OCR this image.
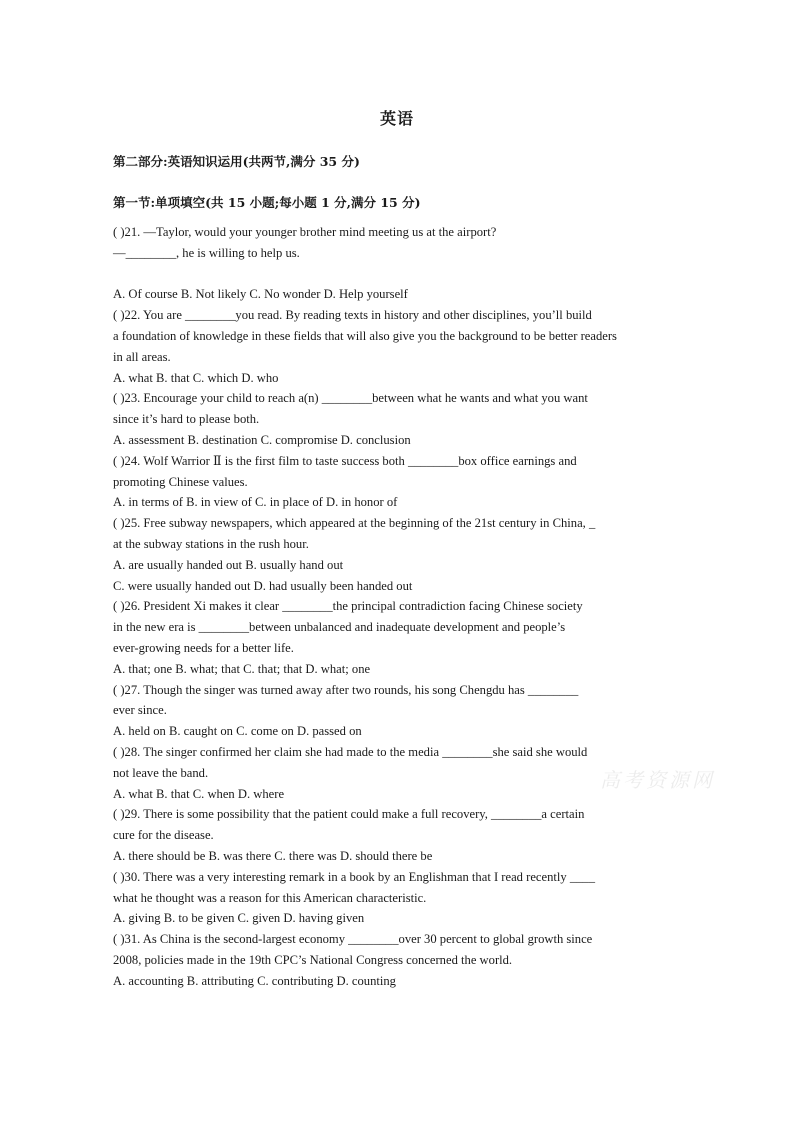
英语
第二部分:英语知识运用(共两节,满分 35 分)
第一节:单项填空(共 15 小题;每小题 1 分,满分 15 分)
( )21. —Taylor, would your younger brother mind meeting us at the airport?
—________, he is willing to help us.
A. Of course B. Not likely C. No wonder D. Help yourself
( )22. You are ________you read. By reading texts in history and other disciplines, you’ll build
a foundation of knowledge in these fields that will also give you the background to be better readers
in all areas.
A. what B. that C. which D. who
( )23. Encourage your child to reach a(n) ________between what he wants and what you want
since it’s hard to please both.
A. assessment B. destination C. compromise D. conclusion
( )24. Wolf Warrior Ⅱ is the first film to taste success both ________box office earnings and
promoting Chinese values.
A. in terms of B. in view of C. in place of D. in honor of
( )25. Free subway newspapers, which appeared at the beginning of the 21st century in China, _
at the subway stations in the rush hour.
A. are usually handed out B. usually hand out
C. were usually handed out D. had usually been handed out
( )26. President Xi makes it clear ________the principal contradiction facing Chinese society
in the new era is ________between unbalanced and inadequate development and people’s
ever-growing needs for a better life.
A. that; one B. what; that C. that; that D. what; one
( )27. Though the singer was turned away after two rounds, his song Chengdu has ________
ever since.
A. held on B. caught on C. come on D. passed on
( )28. The singer confirmed her claim she had made to the media ________she said she would
not leave the band.
A. what B. that C. when D. where
( )29. There is some possibility that the patient could make a full recovery, ________a certain
cure for the disease.
A. there should be B. was there C. there was D. should there be
( )30. There was a very interesting remark in a book by an Englishman that I read recently ____
what he thought was a reason for this American characteristic.
A. giving B. to be given C. given D. having given
( )31. As China is the second-largest economy ________over 30 percent to global growth since
2008, policies made in the 19th CPC’s National Congress concerned the world.
A. accounting B. attributing C. contributing D. counting
高考资源网
